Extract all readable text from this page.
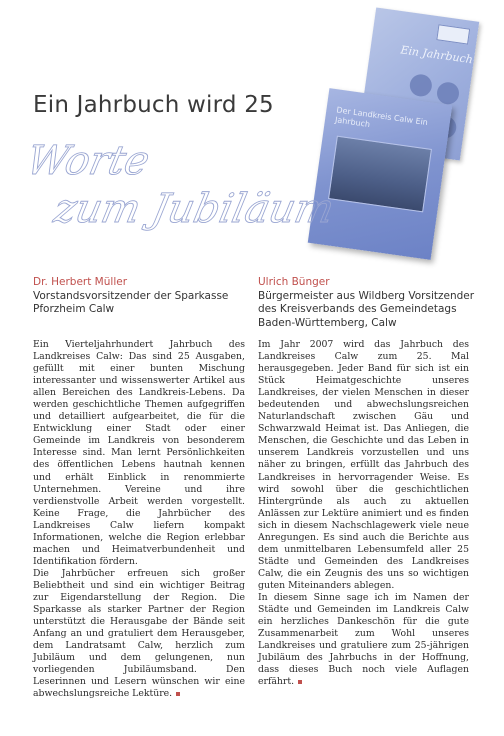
Ein Jahrbuch
Der Landkreis Calw Ein Jahrbuch
Ein Jahrbuch wird 25
Worte
zum Jubiläum
Dr. Herbert Müller
Vorstandsvorsitzender der Sparkasse Pforzheim Calw
Ulrich Bünger
Bürgermeister aus Wildberg Vorsitzender des Kreisverbands des Gemeindetags Baden-Württemberg, Calw

Ein Vierteljahrhundert Jahrbuch des Landkreises Calw: Das sind 25 Ausgaben, gefüllt mit einer bunten Mischung interessanter und wissenswerter Artikel aus allen Bereichen des Landkreis-Lebens. Da werden geschichtliche Themen aufgegriffen und detailliert aufgearbeitet, die für die Entwicklung einer Stadt oder einer Gemeinde im Landkreis von besonderem Interesse sind. Man lernt Persönlichkeiten des öffentlichen Lebens hautnah kennen und erhält Einblick in renommierte Unternehmen. Vereine und ihre verdienstvolle Arbeit werden vorgestellt. Keine Frage, die Jahrbücher des Landkreises Calw liefern kompakt Informationen, welche die Region erlebbar machen und Heimatverbundenheit und Identifikation fördern.

Die Jahrbücher erfreuen sich großer Beliebtheit und sind ein wichtiger Beitrag zur Eigendarstellung der Region. Die Sparkasse als starker Partner der Region unterstützt die Herausgabe der Bände seit Anfang an und gratuliert dem Herausgeber, dem Landratsamt Calw, herzlich zum Jubiläum und dem gelungenen, nun vorliegenden Jubiläumsband. Den Leserinnen und Lesern wünschen wir eine abwechslungsreiche Lektüre.

Im Jahr 2007 wird das Jahrbuch des Landkreises Calw zum 25. Mal herausgegeben. Jeder Band für sich ist ein Stück Heimatgeschichte unseres Landkreises, der vielen Menschen in dieser bedeutenden und abwechslungsreichen Naturlandschaft zwischen Gäu und Schwarzwald Heimat ist. Das Anliegen, die Menschen, die Geschichte und das Leben in unserem Landkreis vorzustellen und uns näher zu bringen, erfüllt das Jahrbuch des Landkreises in hervorragender Weise. Es wird sowohl über die geschichtlichen Hintergründe als auch zu aktuellen Anlässen zur Lektüre animiert und es finden sich in diesem Nachschlagewerk viele neue Anregungen. Es sind auch die Berichte aus dem unmittelbaren Lebensumfeld aller 25 Städte und Gemeinden des Landkreises Calw, die ein Zeugnis des uns so wichtigen guten Miteinanders ablegen.

In diesem Sinne sage ich im Namen der Städte und Gemeinden im Landkreis Calw ein herzliches Dankeschön für die gute Zusammenarbeit zum Wohl unseres Landkreises und gratuliere zum 25-jährigen Jubiläum des Jahrbuchs in der Hoffnung, dass dieses Buch noch viele Auflagen erfährt.
